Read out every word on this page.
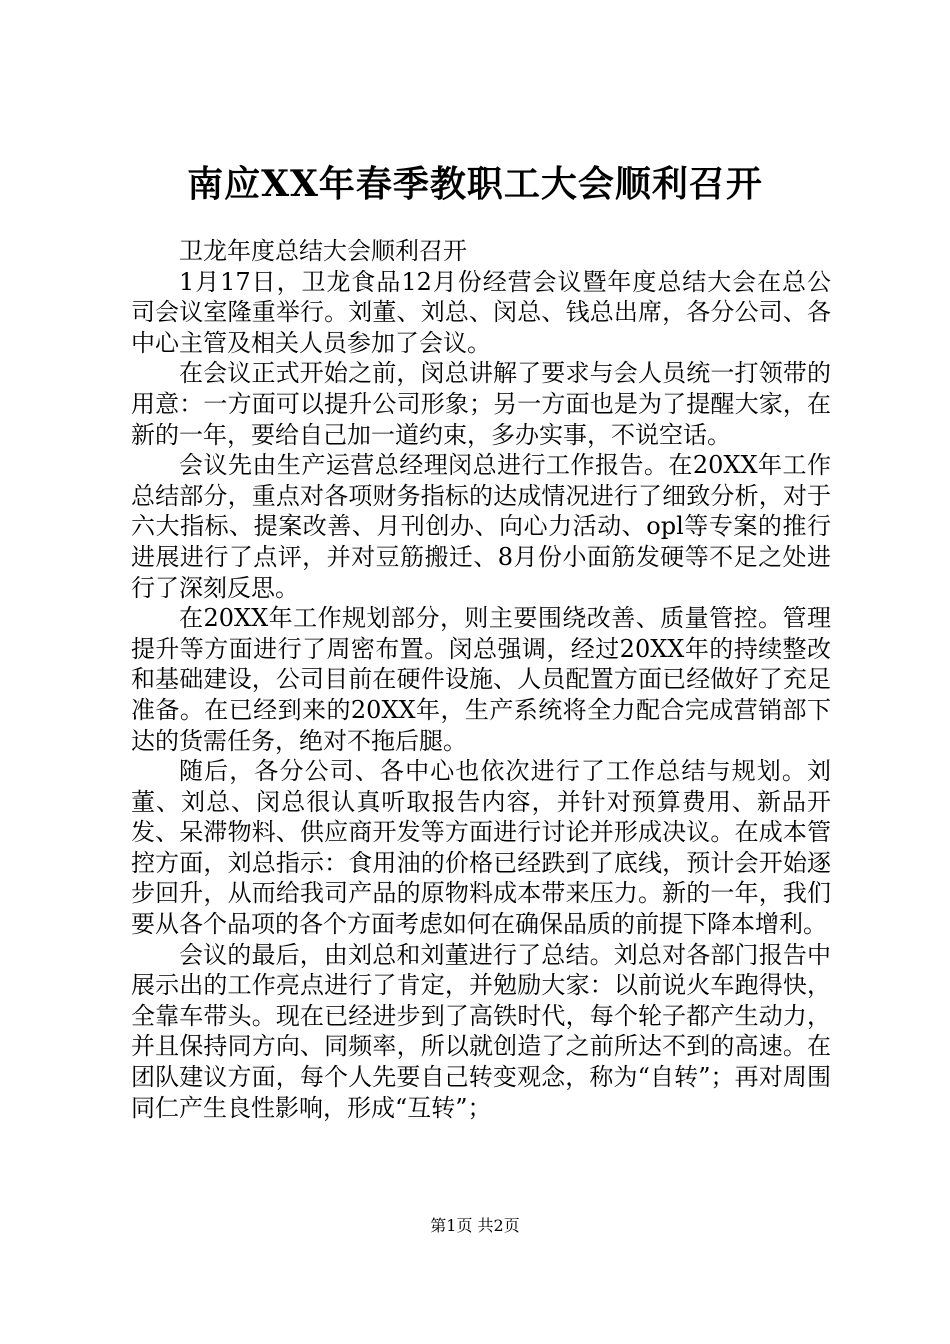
南应XX年春季教职工大会顺利召开

卫龙年度总结大会顺利召开

1月17日，卫龙食品12月份经营会议暨年度总结大会在总公司会议室隆重举行。刘董、刘总、闵总、钱总出席，各分公司、各中心主管及相关人员参加了会议。

在会议正式开始之前，闵总讲解了要求与会人员统一打领带的用意：一方面可以提升公司形象；另一方面也是为了提醒大家，在新的一年，要给自己加一道约束，多办实事，不说空话。

会议先由生产运营总经理闵总进行工作报告。在20XX年工作总结部分，重点对各项财务指标的达成情况进行了细致分析，对于六大指标、提案改善、月刊创办、向心力活动、opl等专案的推行进展进行了点评，并对豆筋搬迁、8月份小面筋发硬等不足之处进行了深刻反思。

在20XX年工作规划部分，则主要围绕改善、质量管控。管理提升等方面进行了周密布置。闵总强调，经过20XX年的持续整改和基础建设，公司目前在硬件设施、人员配置方面已经做好了充足准备。在已经到来的20XX年，生产系统将全力配合完成营销部下达的货需任务，绝对不拖后腿。

随后，各分公司、各中心也依次进行了工作总结与规划。刘董、刘总、闵总很认真听取报告内容，并针对预算费用、新品开发、呆滞物料、供应商开发等方面进行讨论并形成决议。在成本管控方面，刘总指示：食用油的价格已经跌到了底线，预计会开始逐步回升，从而给我司产品的原物料成本带来压力。新的一年，我们要从各个品项的各个方面考虑如何在确保品质的前提下降本增利。

会议的最后，由刘总和刘董进行了总结。刘总对各部门报告中展示出的工作亮点进行了肯定，并勉励大家：以前说火车跑得快，全靠车带头。现在已经进步到了高铁时代，每个轮子都产生动力，并且保持同方向、同频率，所以就创造了之前所达不到的高速。在团队建议方面，每个人先要自己转变观念，称为“自转”；再对周围同仁产生良性影响，形成“互转”；

第1页 共2页
